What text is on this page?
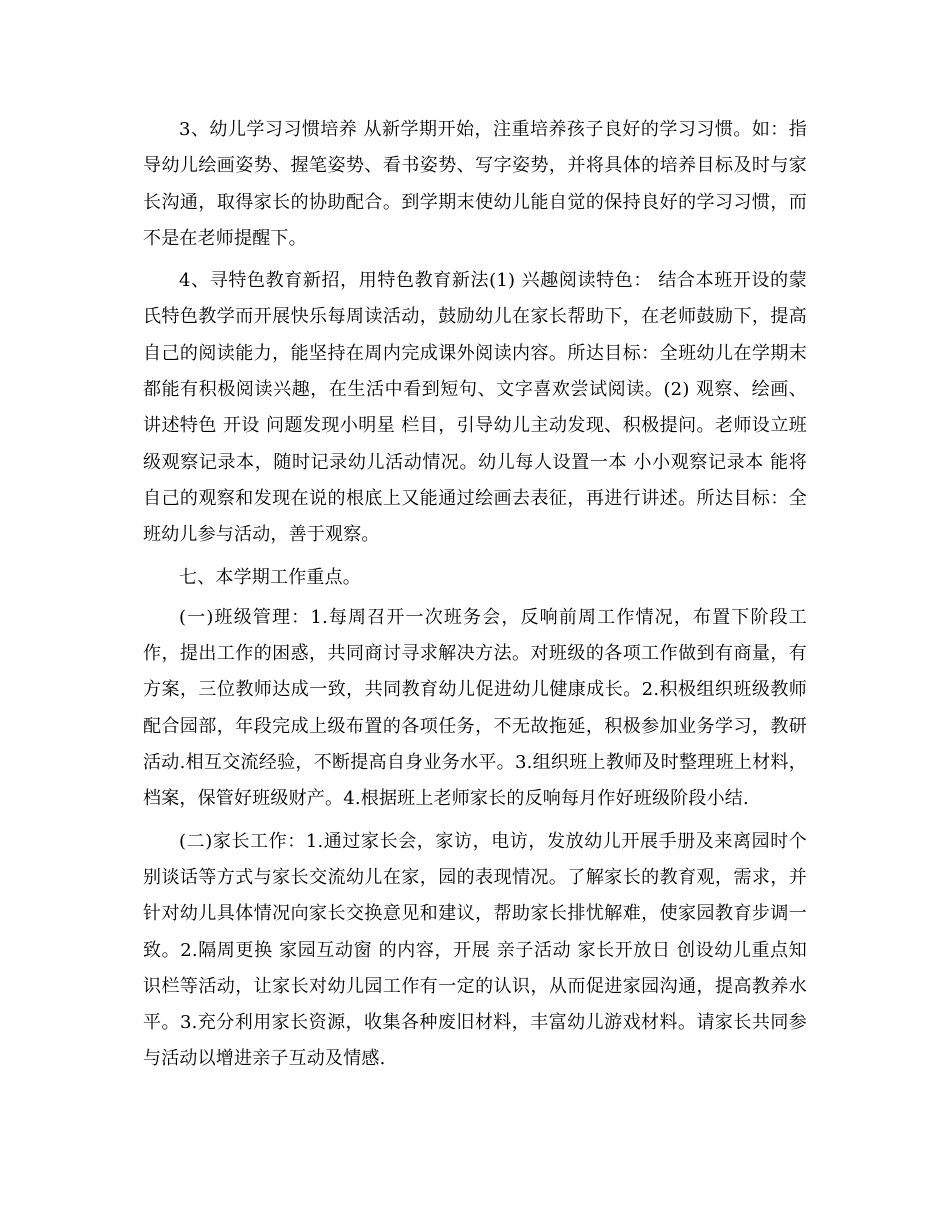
3、幼儿学习习惯培养 从新学期开始，注重培养孩子良好的学习习惯。如：指导幼儿绘画姿势、握笔姿势、看书姿势、写字姿势，并将具体的培养目标及时与家长沟通，取得家长的协助配合。到学期末使幼儿能自觉的保持良好的学习习惯，而不是在老师提醒下。

4、寻特色教育新招，用特色教育新法(1) 兴趣阅读特色： 结合本班开设的蒙氏特色教学而开展快乐每周读活动，鼓励幼儿在家长帮助下，在老师鼓励下，提高自己的阅读能力，能坚持在周内完成课外阅读内容。所达目标：全班幼儿在学期末都能有积极阅读兴趣，在生活中看到短句、文字喜欢尝试阅读。(2) 观察、绘画、讲述特色 开设 问题发现小明星 栏目，引导幼儿主动发现、积极提问。老师设立班级观察记录本，随时记录幼儿活动情况。幼儿每人设置一本 小小观察记录本 能将自己的观察和发现在说的根底上又能通过绘画去表征，再进行讲述。所达目标：全班幼儿参与活动，善于观察。

七、本学期工作重点。

(一)班级管理：1.每周召开一次班务会，反响前周工作情况，布置下阶段工作，提出工作的困惑，共同商讨寻求解决方法。对班级的各项工作做到有商量，有方案，三位教师达成一致，共同教育幼儿促进幼儿健康成长。2.积极组织班级教师配合园部，年段完成上级布置的各项任务，不无故拖延，积极参加业务学习，教研活动.相互交流经验，不断提高自身业务水平。3.组织班上教师及时整理班上材料，档案，保管好班级财产。4.根据班上老师家长的反响每月作好班级阶段小结.

(二)家长工作：1.通过家长会，家访，电访，发放幼儿开展手册及来离园时个别谈话等方式与家长交流幼儿在家，园的表现情况。了解家长的教育观，需求，并针对幼儿具体情况向家长交换意见和建议，帮助家长排忧解难，使家园教育步调一致。2.隔周更换 家园互动窗 的内容，开展 亲子活动 家长开放日 创设幼儿重点知识栏等活动，让家长对幼儿园工作有一定的认识，从而促进家园沟通，提高教养水平。3.充分利用家长资源，收集各种废旧材料，丰富幼儿游戏材料。请家长共同参与活动以增进亲子互动及情感.
